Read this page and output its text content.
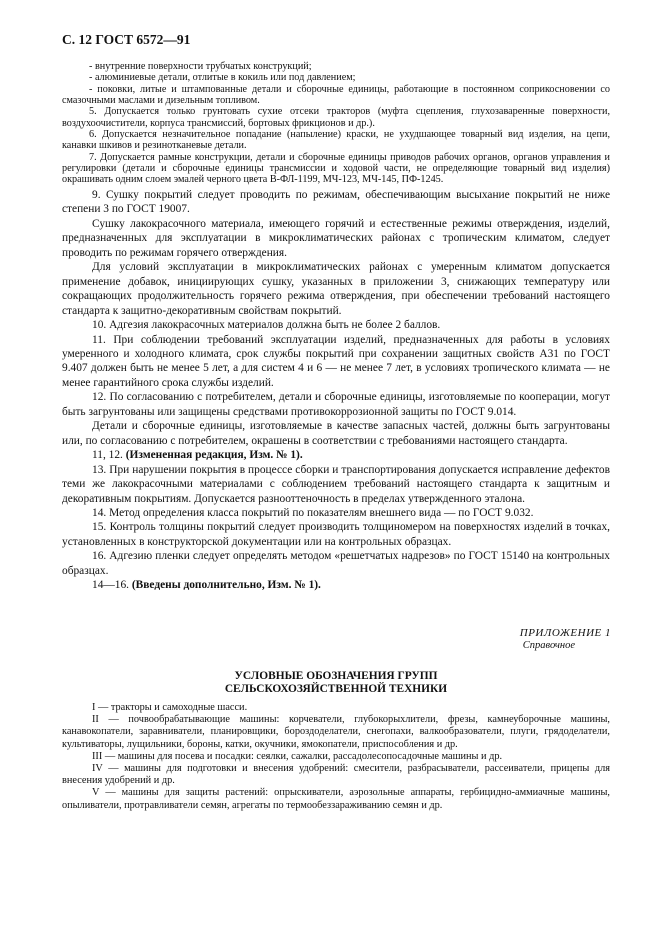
С. 12 ГОСТ 6572—91

- внутренние поверхности трубчатых конструкций;

- алюминиевые детали, отлитые в кокиль или под давлением;

- поковки, литые и штампованные детали и сборочные единицы, работающие в постоянном соприкосновении со смазочными маслами и дизельным топливом.

5. Допускается только грунтовать сухие отсеки тракторов (муфта сцепления, глухозаваренные поверхности, воздухоочистители, корпуса трансмиссий, бортовых фрикционов и др.).

6. Допускается незначительное попадание (напыление) краски, не ухудшающее товарный вид изделия, на цепи, канавки шкивов и резинотканевые детали.

7. Допускается рамные конструкции, детали и сборочные единицы приводов рабочих органов, органов управления и регулировки (детали и сборочные единицы трансмиссии и ходовой части, не определяющие товарный вид изделия) окрашивать одним слоем эмалей черного цвета В-ФЛ-1199, МЧ-123, МЧ-145, ПФ-1245.

9. Сушку покрытий следует проводить по режимам, обеспечивающим высыхание покрытий не ниже степени 3 по ГОСТ 19007.

Сушку лакокрасочного материала, имеющего горячий и естественные режимы отверждения, изделий, предназначенных для эксплуатации в микроклиматических районах с тропическим климатом, следует проводить по режимам горячего отверждения.

Для условий эксплуатации в микроклиматических районах с умеренным климатом допускается применение добавок, инициирующих сушку, указанных в приложении 3, снижающих температуру или сокращающих продолжительность горячего режима отверждения, при обеспечении требований настоящего стандарта к защитно-декоративным свойствам покрытий.

10. Адгезия лакокрасочных материалов должна быть не более 2 баллов.

11. При соблюдении требований эксплуатации изделий, предназначенных для работы в условиях умеренного и холодного климата, срок службы покрытий при сохранении защитных свойств А31 по ГОСТ 9.407 должен быть не менее 5 лет, а для систем 4 и 6 — не менее 7 лет, в условиях тропического климата — не менее гарантийного срока службы изделий.

12. По согласованию с потребителем, детали и сборочные единицы, изготовляемые по кооперации, могут быть загрунтованы или защищены средствами противокоррозионной защиты по ГОСТ 9.014.

Детали и сборочные единицы, изготовляемые в качестве запасных частей, должны быть загрунтованы или, по согласованию с потребителем, окрашены в соответствии с требованиями настоящего стандарта.

11, 12. (Измененная редакция, Изм. № 1).

13. При нарушении покрытия в процессе сборки и транспортирования допускается исправление дефектов теми же лакокрасочными материалами с соблюдением требований настоящего стандарта к защитным и декоративным покрытиям. Допускается разнооттеночность в пределах утвержденного эталона.

14. Метод определения класса покрытий по показателям внешнего вида — по ГОСТ 9.032.

15. Контроль толщины покрытий следует производить толщиномером на поверхностях изделий в точках, установленных в конструкторской документации или на контрольных образцах.

16. Адгезию пленки следует определять методом «решетчатых надрезов» по ГОСТ 15140 на контрольных образцах.

14—16. (Введены дополнительно, Изм. № 1).

ПРИЛОЖЕНИЕ 1
Справочное
УСЛОВНЫЕ ОБОЗНАЧЕНИЯ ГРУПП
СЕЛЬСКОХОЗЯЙСТВЕННОЙ ТЕХНИКИ

I — тракторы и самоходные шасси.

II — почвообрабатывающие машины: корчеватели, глубокорыхлители, фрезы, камнеуборочные машины, канавокопатели, заравниватели, планировщики, бороздоделатели, снегопахи, валкообразователи, плуги, грядоделатели, культиваторы, лущильники, бороны, катки, окучники, ямокопатели, приспособления и др.

III — машины для посева и посадки: сеялки, сажалки, рассадолесопосадочные машины и др.

IV — машины для подготовки и внесения удобрений: смесители, разбрасыватели, рассеиватели, прицепы для внесения удобрений и др.

V — машины для защиты растений: опрыскиватели, аэрозольные аппараты, гербицидно-аммиачные машины, опыливатели, протравливатели семян, агрегаты по термообеззараживанию семян и др.
